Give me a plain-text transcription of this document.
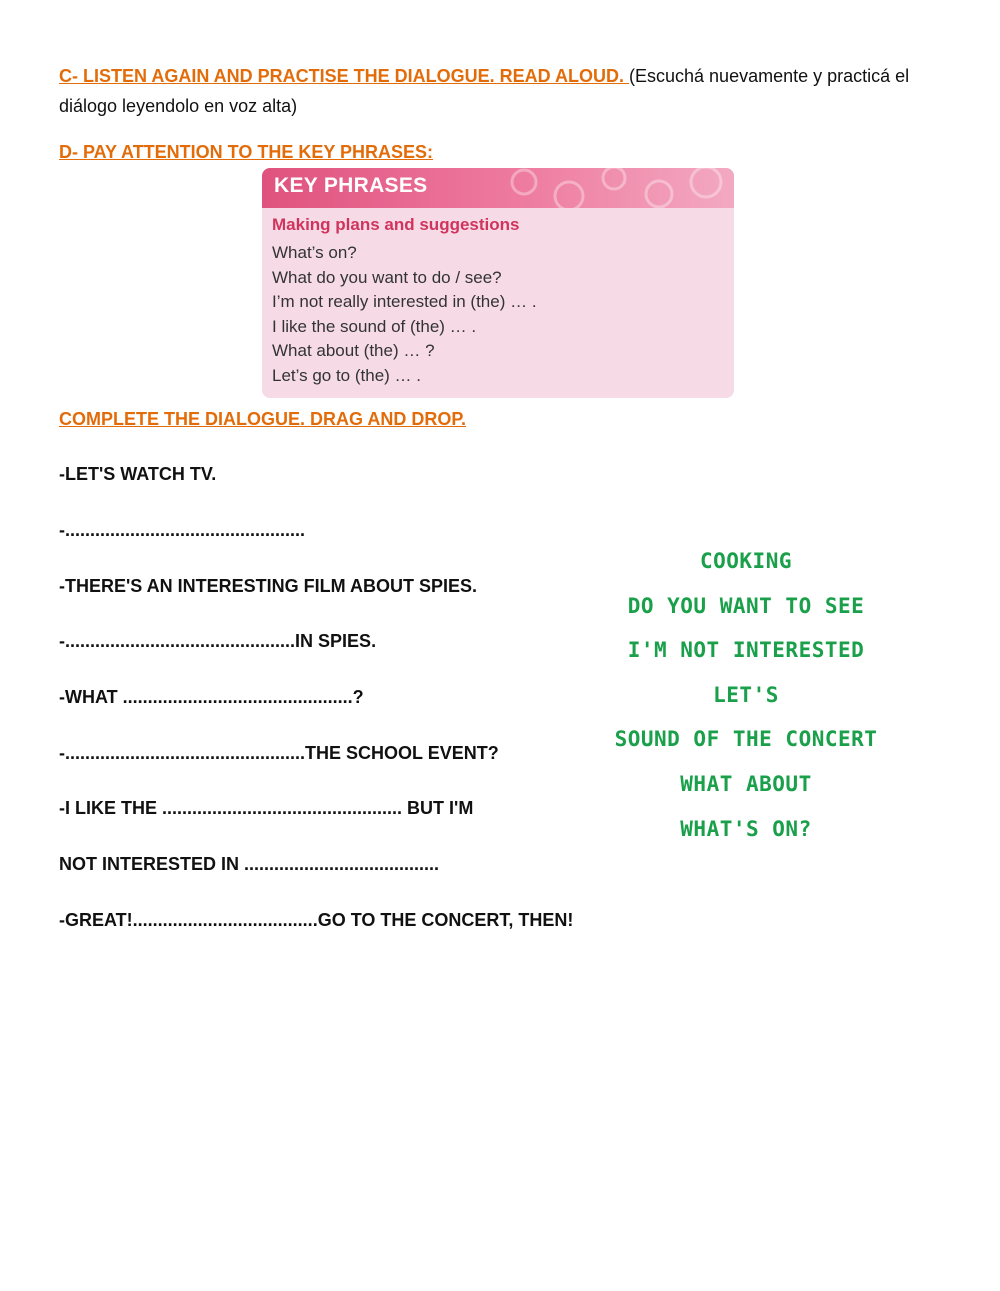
C- LISTEN AGAIN AND PRACTISE THE DIALOGUE. READ ALOUD. (Escuchá nuevamente y practicá el diálogo leyendolo en voz alta)
D- PAY ATTENTION TO THE KEY PHRASES:
KEY PHRASES
Making plans and suggestions
What’s on?
What do you want to do / see?
I’m not really interested in (the) … .
I like the sound of (the) … .
What about (the) … ?
Let’s go to (the) … .
COMPLETE THE DIALOGUE. DRAG AND DROP.
-LET'S WATCH TV.
-................................................
-THERE'S AN INTERESTING FILM ABOUT SPIES.
-..............................................IN SPIES.
-WHAT ..............................................?
-................................................THE SCHOOL EVENT?
-I LIKE THE ................................................ BUT I'M
NOT INTERESTED IN .......................................
-GREAT!.....................................GO TO THE CONCERT, THEN!
COOKING
DO YOU WANT TO SEE
I'M NOT INTERESTED
LET'S
SOUND OF THE CONCERT
WHAT ABOUT
WHAT'S ON?
